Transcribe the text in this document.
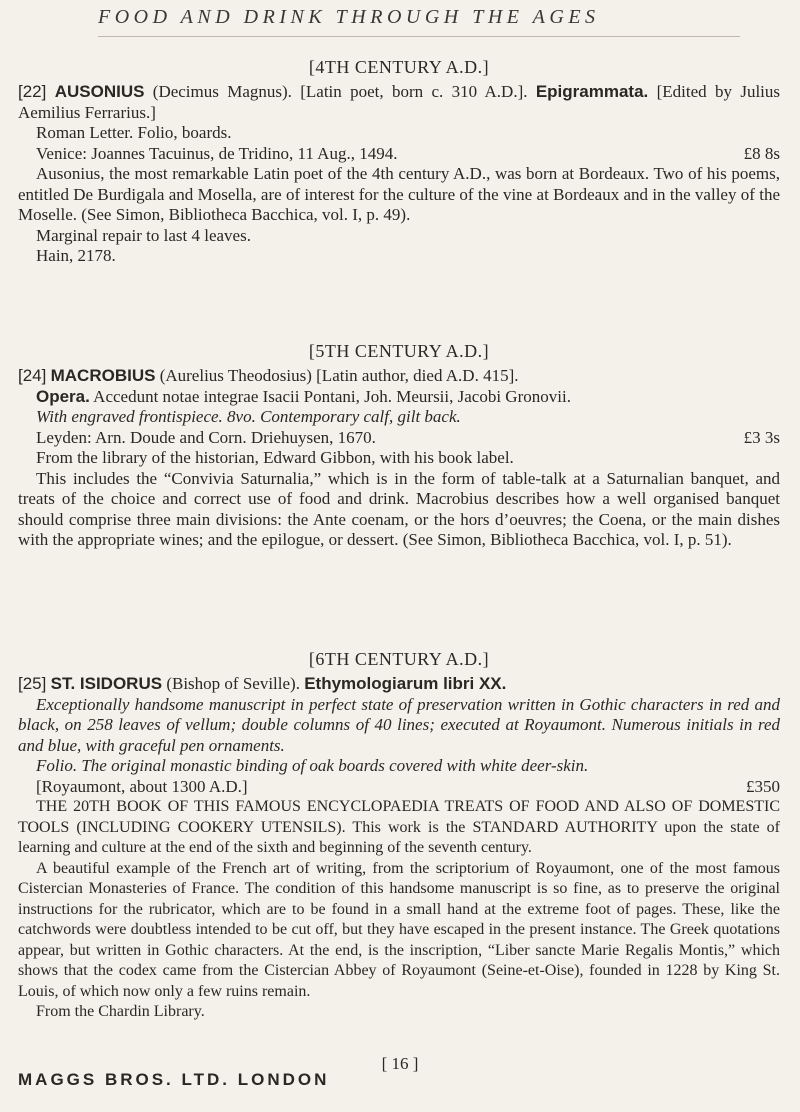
FOOD AND DRINK THROUGH THE AGES
[4TH CENTURY A.D.]

[22] AUSONIUS (Decimus Magnus). [Latin poet, born c. 310 A.D.]. Epigrammata. [Edited by Julius Aemilius Ferrarius.]

Roman Letter. Folio, boards.

Venice: Joannes Tacuinus, de Tridino, 11 Aug., 1494.	£8 8s

Ausonius, the most remarkable Latin poet of the 4th century A.D., was born at Bordeaux. Two of his poems, entitled De Burdigala and Mosella, are of interest for the culture of the vine at Bordeaux and in the valley of the Moselle. (See Simon, Bibliotheca Bacchica, vol. I, p. 49).

Marginal repair to last 4 leaves.

Hain, 2178.

[5TH CENTURY A.D.]

[24] MACROBIUS (Aurelius Theodosius) [Latin author, died A.D. 415].

Opera. Accedunt notae integrae Isacii Pontani, Joh. Meursii, Jacobi Gronovii.

With engraved frontispiece. 8vo. Contemporary calf, gilt back.

Leyden: Arn. Doude and Corn. Driehuysen, 1670.	£3 3s

From the library of the historian, Edward Gibbon, with his book label.

This includes the “Convivia Saturnalia,” which is in the form of table-talk at a Saturnalian banquet, and treats of the choice and correct use of food and drink. Macrobius describes how a well organised banquet should comprise three main divisions: the Ante coenam, or the hors d’oeuvres; the Coena, or the main dishes with the appropriate wines; and the epilogue, or dessert. (See Simon, Bibliotheca Bacchica, vol. I, p. 51).

[6TH CENTURY A.D.]

[25] ST. ISIDORUS (Bishop of Seville). Ethymologiarum libri XX.

Exceptionally handsome manuscript in perfect state of preservation written in Gothic characters in red and black, on 258 leaves of vellum; double columns of 40 lines; executed at Royaumont. Numerous initials in red and blue, with graceful pen ornaments.

Folio. The original monastic binding of oak boards covered with white deer-skin.

[Royaumont, about 1300 A.D.]	£350

THE 20TH BOOK OF THIS FAMOUS ENCYCLOPAEDIA TREATS OF FOOD AND ALSO OF DOMESTIC TOOLS (INCLUDING COOKERY UTENSILS). This work is the STANDARD AUTHORITY upon the state of learning and culture at the end of the sixth and beginning of the seventh century.

A beautiful example of the French art of writing, from the scriptorium of Royaumont, one of the most famous Cistercian Monasteries of France. The condition of this handsome manuscript is so fine, as to preserve the original instructions for the rubricator, which are to be found in a small hand at the extreme foot of pages. These, like the catchwords were doubtless intended to be cut off, but they have escaped in the present instance. The Greek quotations appear, but written in Gothic characters. At the end, is the inscription, “Liber sancte Marie Regalis Montis,” which shows that the codex came from the Cistercian Abbey of Royaumont (Seine-et-Oise), founded in 1228 by King St. Louis, of which now only a few ruins remain.

From the Chardin Library.

[ 16 ]
MAGGS BROS. LTD. LONDON
